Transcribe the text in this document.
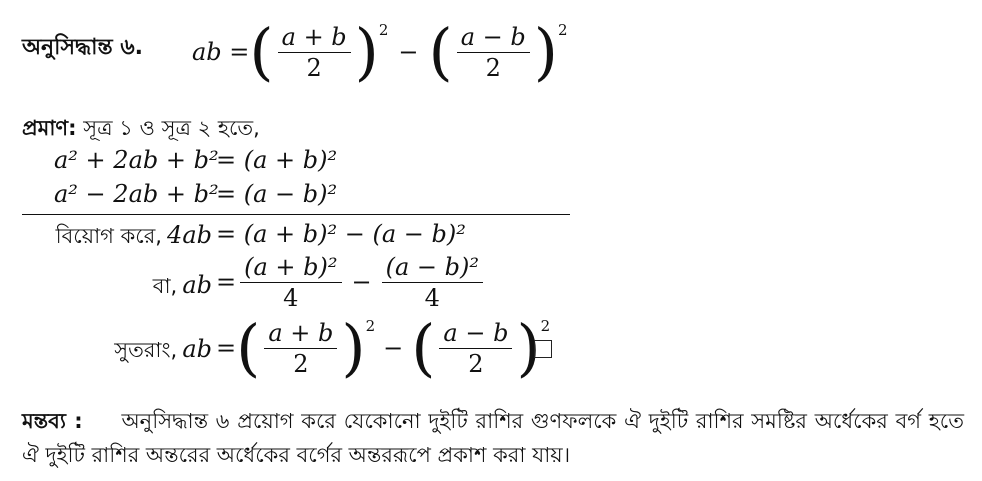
অনুসিদ্ধান্ত ৬. ab = ( $\frac{a + b}{2} )^2$
− ( $\frac{a - b}{2} )^2$
প্রমাণ: সূত্র ১ ও সূত্র ২ হতে,
a² + 2ab + b²
= (a + b)²
a² − 2ab + b²
= (a − b)²
বিয়োগ করে, 4ab = (a + b)² − (a − b)²
বা, ab = $\frac{\text{(a + b)²}}{4} - \frac{\text{(a − b)²}}{4}$
সুতরাং, ab = ( $\frac{a + b}{2} )^2$
− ( $\frac{a - b}{2} )^2$
মন্তব্য : অনুসিদ্ধান্ত ৬ প্রয়োগ করে যেকোনো দুইটি রাশির গুণফলকে ঐ দুইটি রাশির সমষ্টির অর্ধেকের বর্গ হতে ঐ দুইটি রাশির অন্তরের অর্ধেকের বর্গের অন্তররূপে প্রকাশ করা যায়।
